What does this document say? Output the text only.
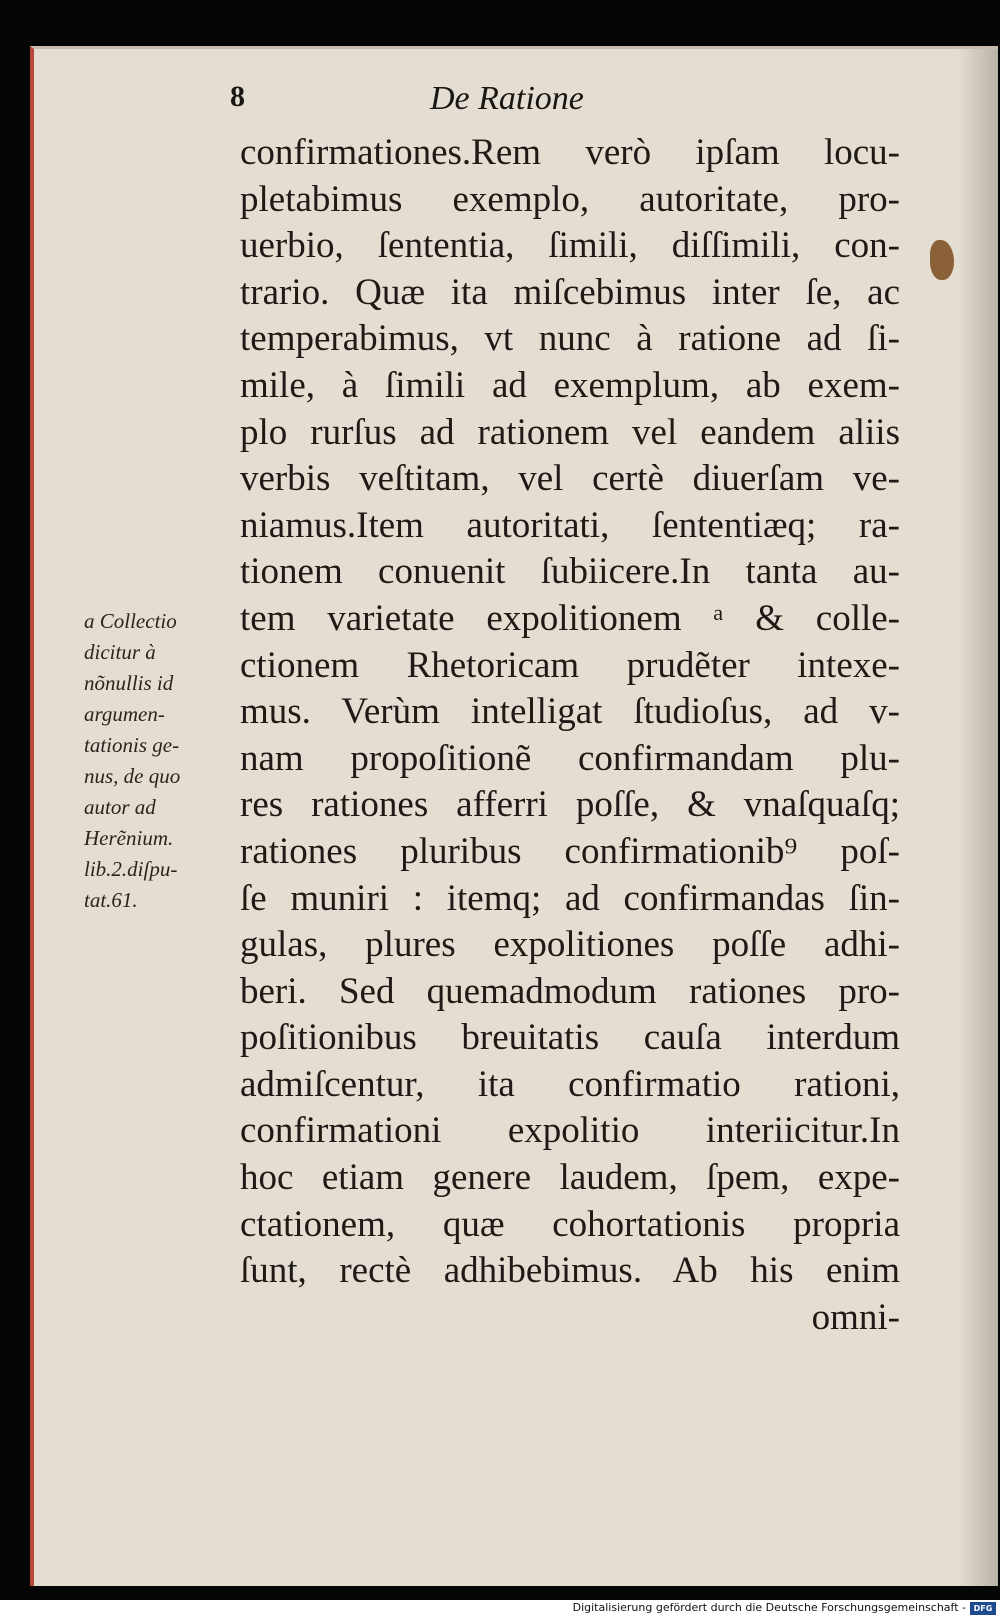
8	De Ratione
a Collectio
dicitur à
nõnullis id
argumen-
tationis ge-
nus, de quo
autor ad
Herẽnium.
lib.2.diſpu-
tat.61.
confirmationes.Rem verò ipſam locu-
pletabimus exemplo, autoritate, pro-
uerbio, ſententia, ſimili, diſſimili, con-
trario. Quæ ita miſcebimus inter ſe, ac
temperabimus, vt nunc à ratione ad ſi-
mile, à ſimili ad exemplum, ab exem-
plo rurſus ad rationem vel eandem aliis
verbis veſtitam, vel certè diuerſam ve-
niamus.Item autoritati, ſententiæq; ra-
tionem conuenit ſubiicere.In tanta au-
tem varietate expolitionem ᵃ & colle-
ctionem Rhetoricam prudẽter intexe-
mus. Verùm intelligat ſtudioſus, ad v-
nam propoſitionẽ confirmandam plu-
res rationes afferri poſſe, & vnaſquaſq;
rationes pluribus confirmationib⁹ poſ-
ſe muniri : itemq; ad confirmandas ſin-
gulas, plures expolitiones poſſe adhi-
beri. Sed quemadmodum rationes pro-
poſitionibus breuitatis cauſa interdum
admiſcentur, ita confirmatio rationi,
confirmationi expolitio interiicitur.In
hoc etiam genere laudem, ſpem, expe-
ctationem, quæ cohortationis propria
ſunt, rectè adhibebimus. Ab his enim
omni-
Digitalisierung gefördert durch die Deutsche Forschungsgemeinschaft - DFG
